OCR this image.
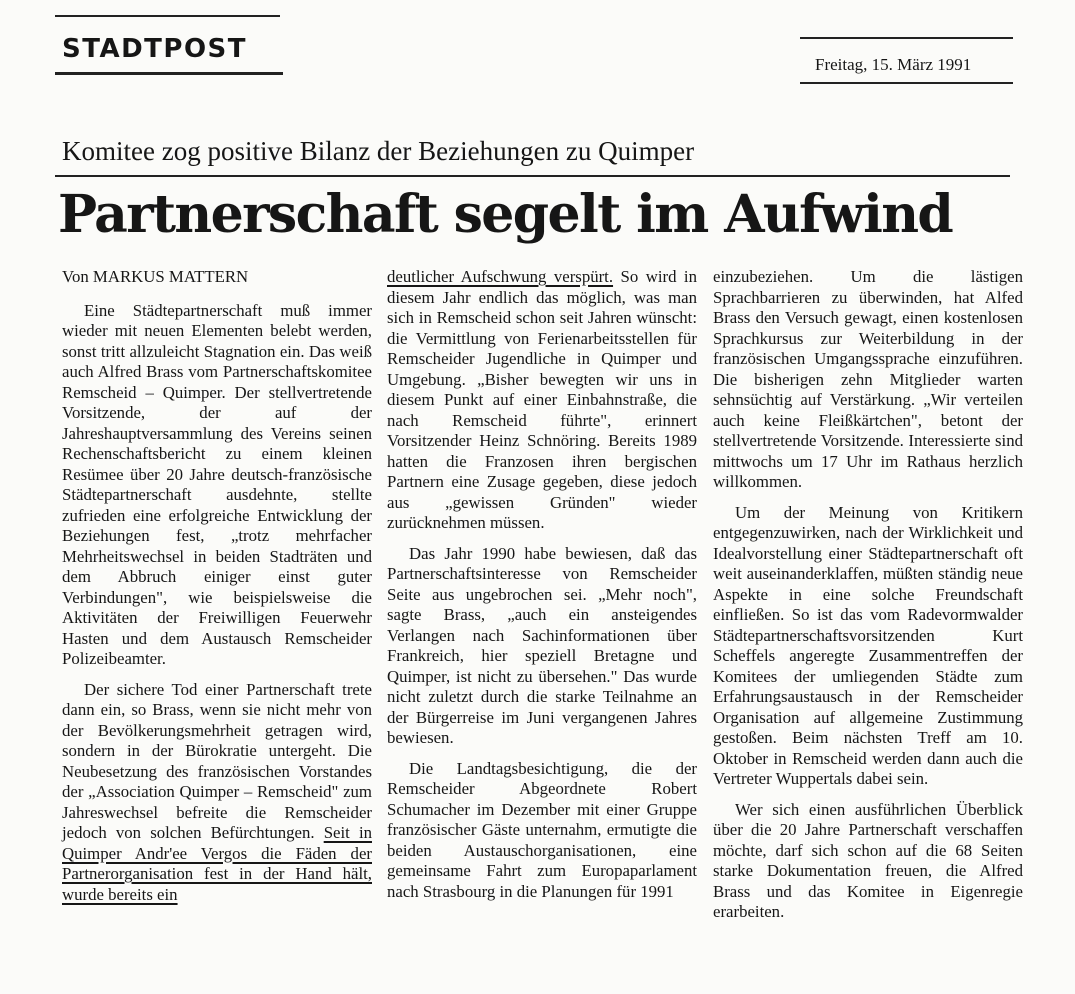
STADTPOST
Freitag, 15. März 1991
Komitee zog positive Bilanz der Beziehungen zu Quimper
Partnerschaft segelt im Aufwind
Von MARKUS MATTERN

Eine Städtepartnerschaft muß immer wieder mit neuen Elementen belebt werden, sonst tritt allzuleicht Stagnation ein. Das weiß auch Alfred Brass vom Partnerschaftskomitee Remscheid – Quimper. Der stellvertretende Vorsitzende, der auf der Jahreshauptversammlung des Vereins seinen Rechenschaftsbericht zu einem kleinen Resümee über 20 Jahre deutsch-französische Städtepartnerschaft ausdehnte, stellte zufrieden eine erfolgreiche Entwicklung der Beziehungen fest, „trotz mehrfacher Mehrheitswechsel in beiden Stadträten und dem Abbruch einiger einst guter Verbindungen", wie beispielsweise die Aktivitäten der Freiwilligen Feuerwehr Hasten und dem Austausch Remscheider Polizeibeamter.

Der sichere Tod einer Partnerschaft trete dann ein, so Brass, wenn sie nicht mehr von der Bevölkerungsmehrheit getragen wird, sondern in der Bürokratie untergeht. Die Neubesetzung des französischen Vorstandes der „Association Quimper – Remscheid" zum Jahreswechsel befreite die Remscheider jedoch von solchen Befürchtungen. Seit in Quimper Andr'ee Vergos die Fäden der Partnerorganisation fest in der Hand hält, wurde bereits ein

deutlicher Aufschwung verspürt. So wird in diesem Jahr endlich das möglich, was man sich in Remscheid schon seit Jahren wünscht: die Vermittlung von Ferienarbeitsstellen für Remscheider Jugendliche in Quimper und Umgebung. „Bisher bewegten wir uns in diesem Punkt auf einer Einbahnstraße, die nach Remscheid führte", erinnert Vorsitzender Heinz Schnöring. Bereits 1989 hatten die Franzosen ihren bergischen Partnern eine Zusage gegeben, diese jedoch aus „gewissen Gründen" wieder zurücknehmen müssen.

Das Jahr 1990 habe bewiesen, daß das Partnerschaftsinteresse von Remscheider Seite aus ungebrochen sei. „Mehr noch", sagte Brass, „auch ein ansteigendes Verlangen nach Sachinformationen über Frankreich, hier speziell Bretagne und Quimper, ist nicht zu übersehen." Das wurde nicht zuletzt durch die starke Teilnahme an der Bürgerreise im Juni vergangenen Jahres bewiesen.

Die Landtagsbesichtigung, die der Remscheider Abgeordnete Robert Schumacher im Dezember mit einer Gruppe französischer Gäste unternahm, ermutigte die beiden Austauschorganisationen, eine gemeinsame Fahrt zum Europaparlament nach Strasbourg in die Planungen für 1991

einzubeziehen. Um die lästigen Sprachbarrieren zu überwinden, hat Alfed Brass den Versuch gewagt, einen kostenlosen Sprachkursus zur Weiterbildung in der französischen Umgangssprache einzuführen. Die bisherigen zehn Mitglieder warten sehnsüchtig auf Verstärkung. „Wir verteilen auch keine Fleißkärtchen", betont der stellvertretende Vorsitzende. Interessierte sind mittwochs um 17 Uhr im Rathaus herzlich willkommen.

Um der Meinung von Kritikern entgegenzuwirken, nach der Wirklichkeit und Idealvorstellung einer Städtepartnerschaft oft weit auseinanderklaffen, müßten ständig neue Aspekte in eine solche Freundschaft einfließen. So ist das vom Radevormwalder Städtepartnerschaftsvorsitzenden Kurt Scheffels angeregte Zusammentreffen der Komitees der umliegenden Städte zum Erfahrungsaustausch in der Remscheider Organisation auf allgemeine Zustimmung gestoßen. Beim nächsten Treff am 10. Oktober in Remscheid werden dann auch die Vertreter Wuppertals dabei sein.

Wer sich einen ausführlichen Überblick über die 20 Jahre Partnerschaft verschaffen möchte, darf sich schon auf die 68 Seiten starke Dokumentation freuen, die Alfred Brass und das Komitee in Eigenregie erarbeiten.
